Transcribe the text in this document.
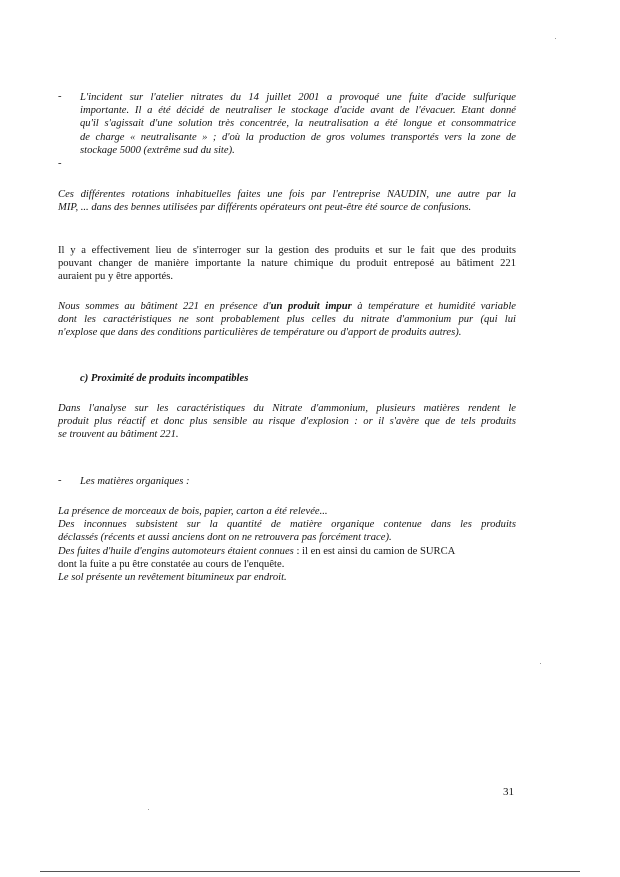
- L'incident sur l'atelier nitrates du 14 juillet 2001 a provoqué une fuite d'acide sulfurique
importante. Il a été décidé de neutraliser le stockage d'acide avant de l'évacuer. Etant donné
qu'il s'agissait d'une solution très concentrée, la neutralisation a été longue et consommatrice
de charge « neutralisante » ; d'où la production de gros volumes transportés vers la zone de
stockage 5000 (extrême sud du site).
-
Ces différentes rotations inhabituelles faites une fois par l'entreprise NAUDIN, une autre par la
MIP, ... dans des bennes utilisées par différents opérateurs ont peut-être été source de confusions.
Il y a effectivement lieu de s'interroger sur la gestion des produits et sur le fait que des produits
pouvant changer de manière importante la nature chimique du produit entreposé au bâtiment 221
auraient pu y être apportés.
Nous sommes au bâtiment 221 en présence d'un produit impur à température et humidité variable
dont les caractéristiques ne sont probablement plus celles du nitrate d'ammonium pur (qui lui
n'explose que dans des conditions particulières de température ou d'apport de produits autres).
c) Proximité de produits incompatibles
Dans l'analyse sur les caractéristiques du Nitrate d'ammonium, plusieurs matières rendent le
produit plus réactif et donc plus sensible au risque d'explosion : or il s'avère que de tels produits
se trouvent au bâtiment 221.
- Les matières organiques :
La présence de morceaux de bois, papier, carton a été relevée...
Des inconnues subsistent sur la quantité de matière organique contenue dans les produits
déclassés (récents et aussi anciens dont on ne retrouvera pas forcément trace).
Des fuites d'huile d'engins automoteurs étaient connues : il en est ainsi du camion de SURCA
dont la fuite a pu être constatée au cours de l'enquête.
Le sol présente un revêtement bitumineux par endroit.
31
